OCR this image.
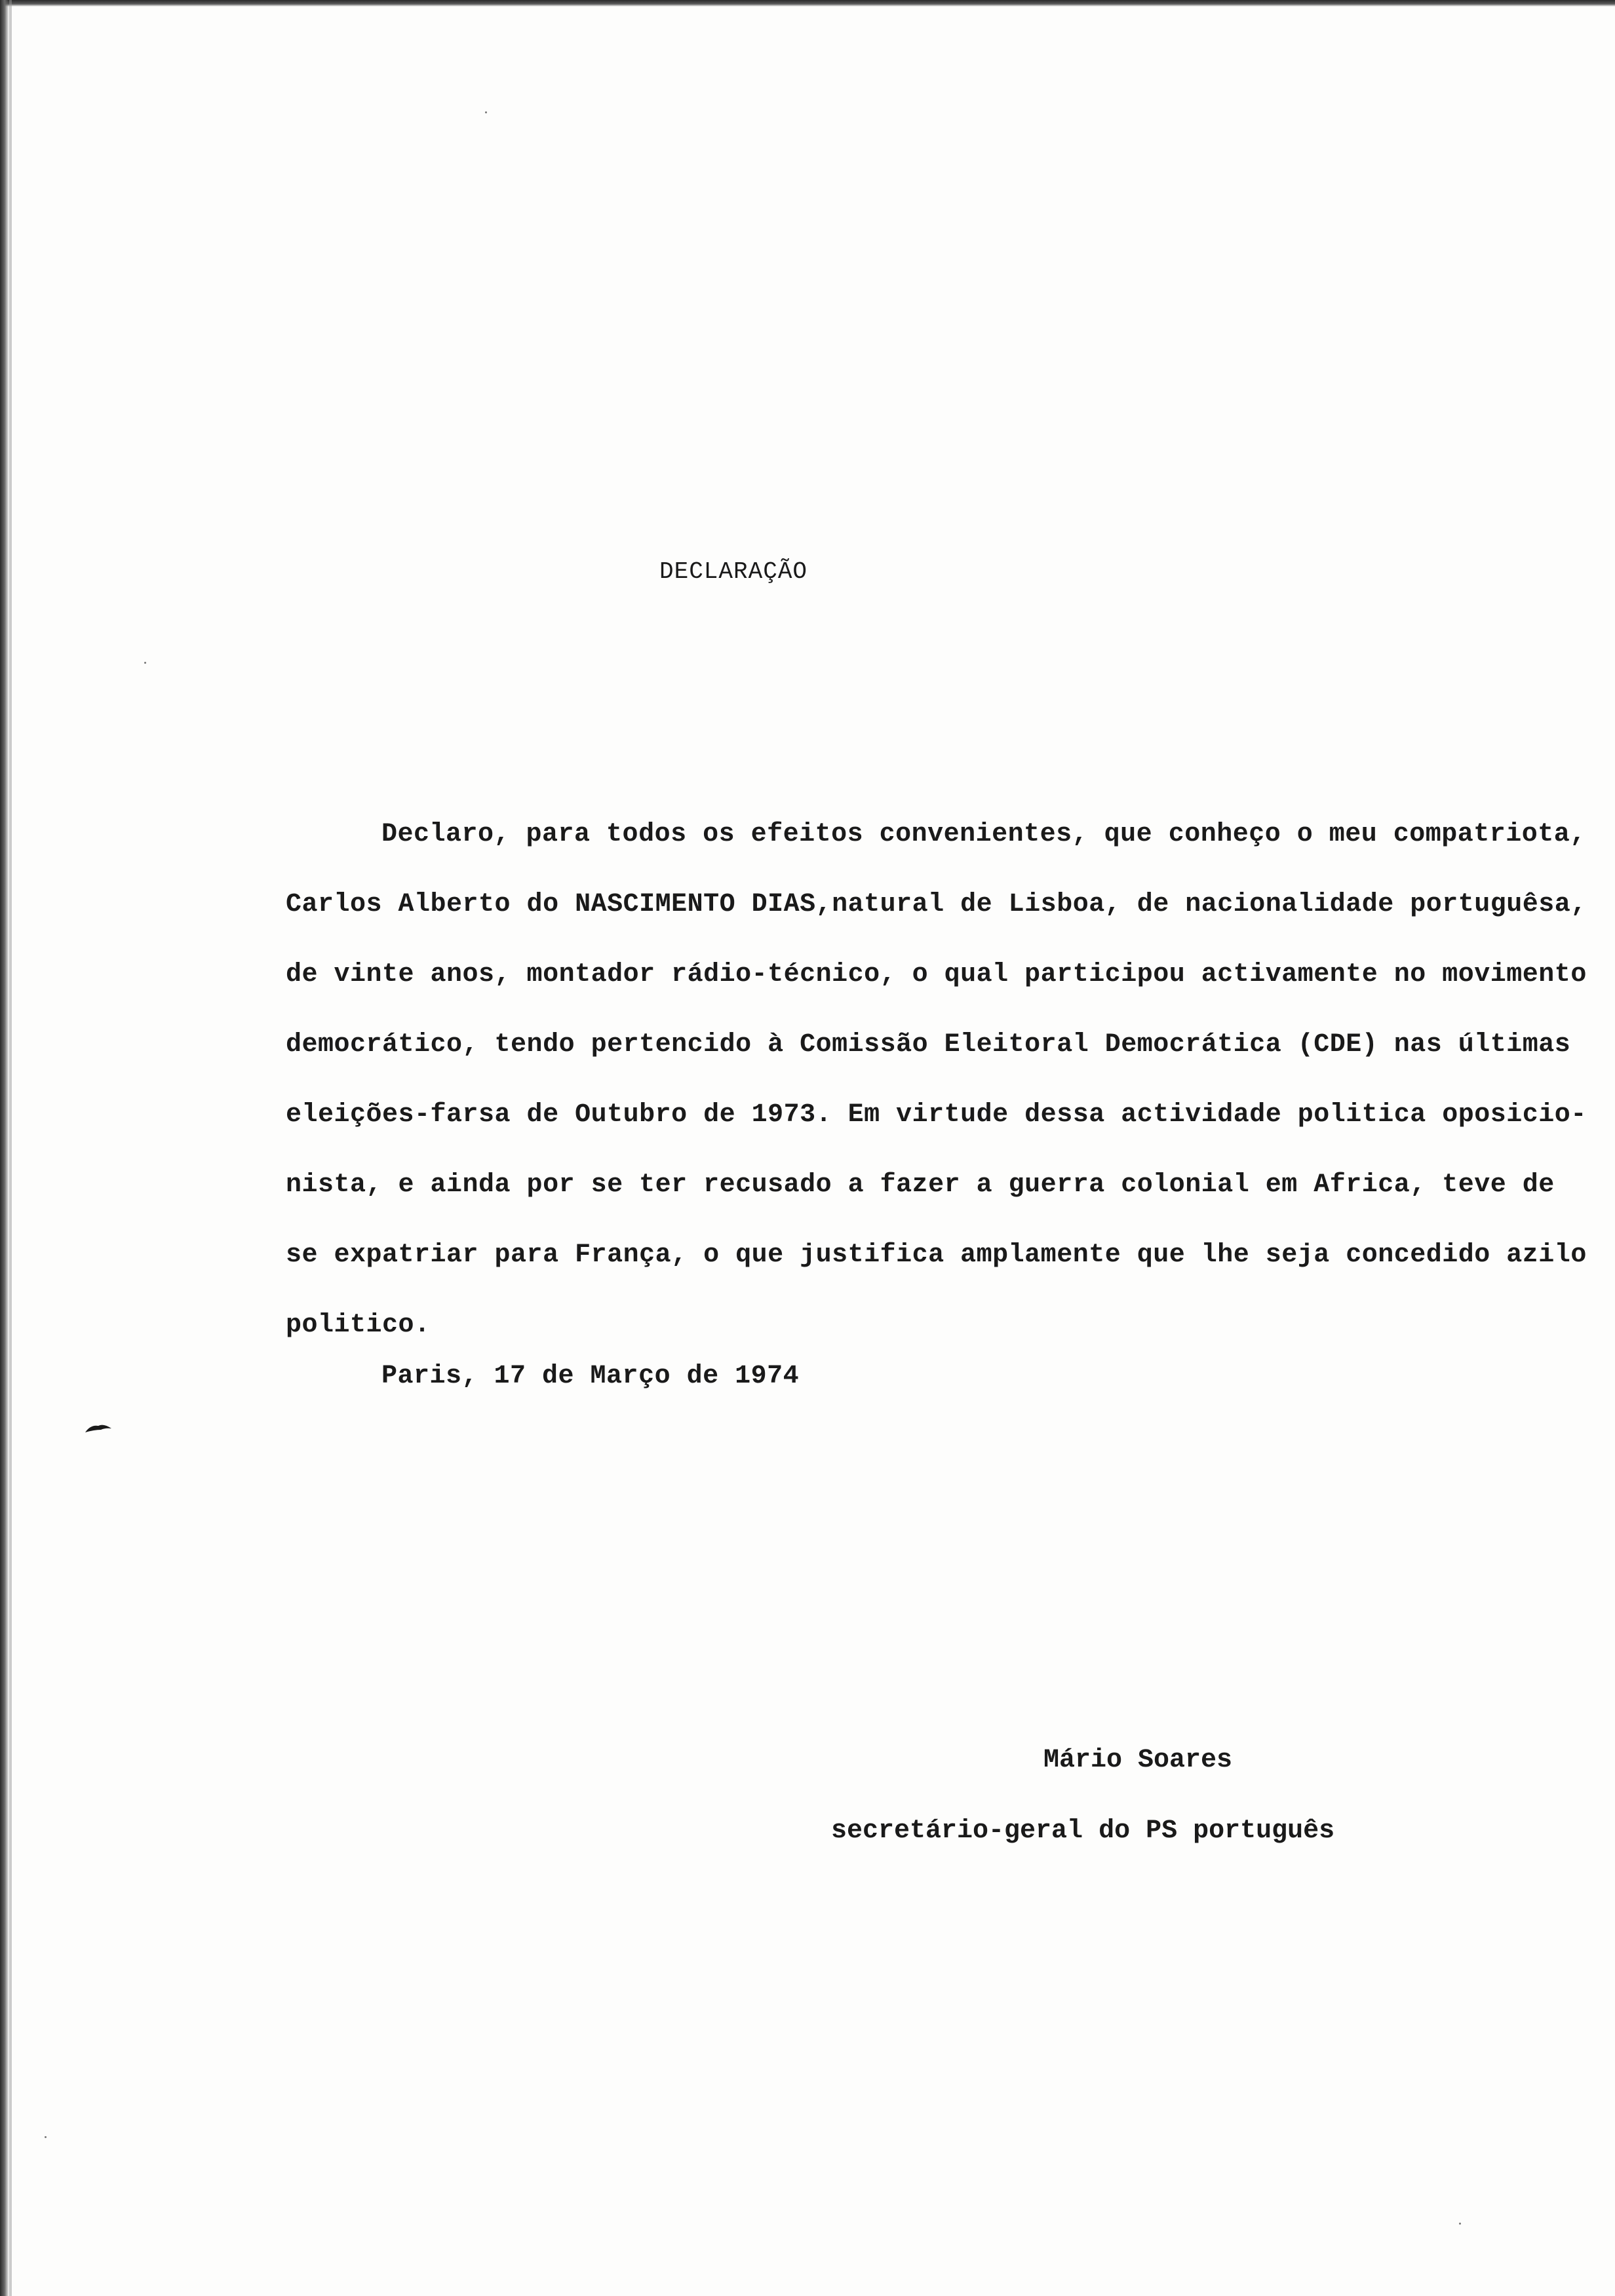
DECLARAÇÃO
Declaro, para todos os efeitos convenientes, que conheço o meu compatriota,
Carlos Alberto do NASCIMENTO DIAS,natural de Lisboa, de nacionalidade portuguêsa,
de vinte anos, montador rádio-técnico, o qual participou activamente no movimento
democrático, tendo pertencido à Comissão Eleitoral Democrática (CDE) nas últimas
eleições-farsa de Outubro de 1973. Em virtude dessa actividade politica oposicio-
nista, e ainda por se ter recusado a fazer a guerra colonial em Africa, teve de
se expatriar para França, o que justifica amplamente que lhe seja concedido azilo
politico.
Paris, 17 de Março de 1974
Mário Soares
secretário-geral do PS português
